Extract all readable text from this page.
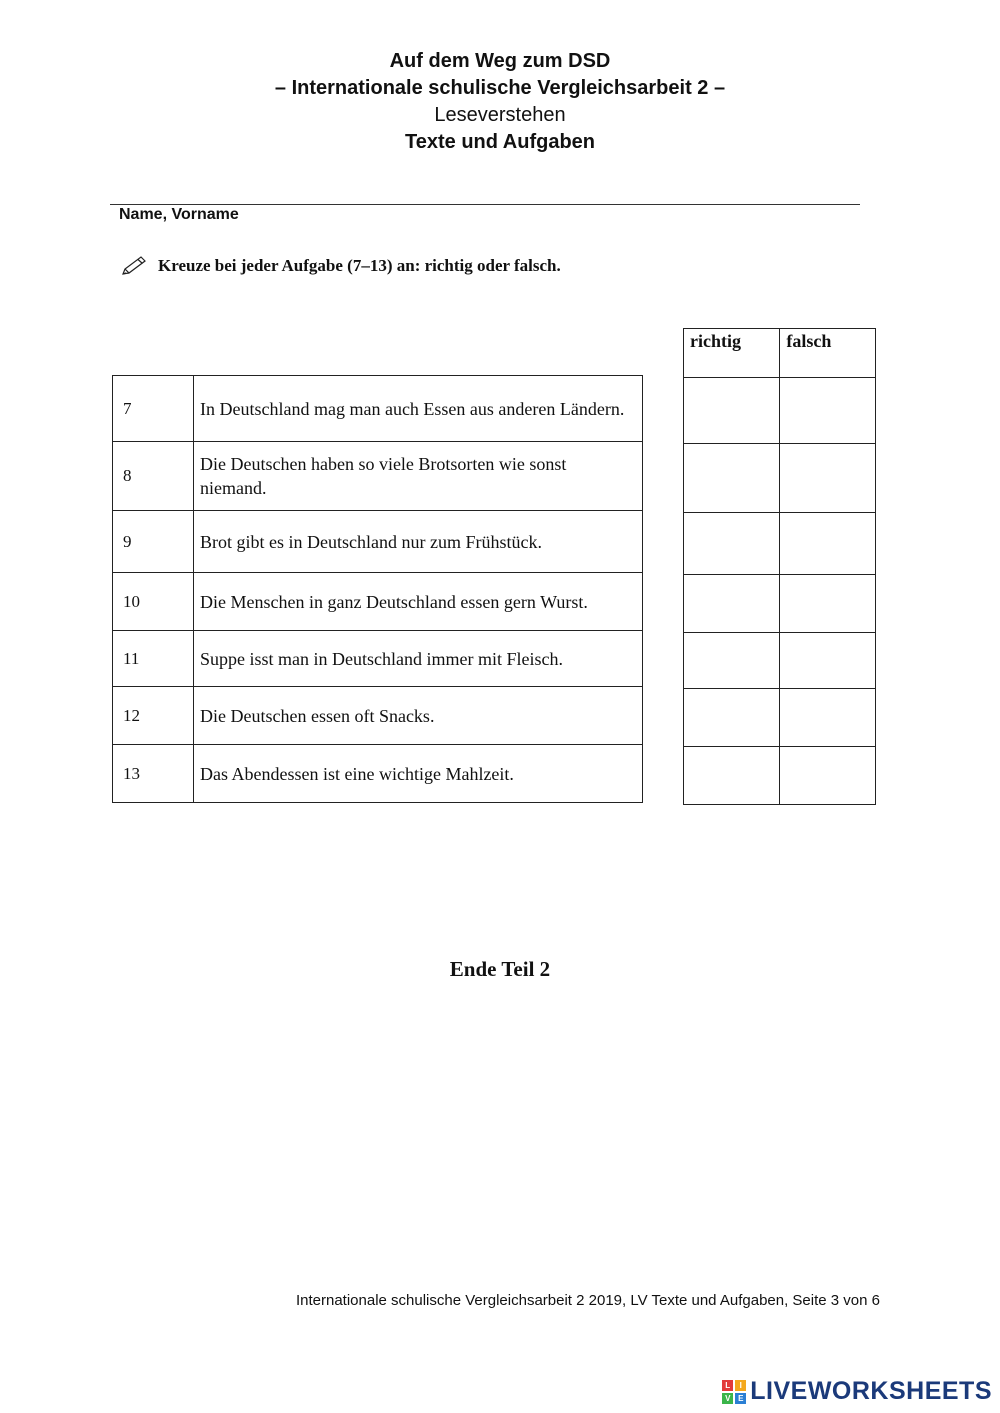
Auf dem Weg zum DSD
– Internationale schulische Vergleichsarbeit 2 –
Leseverstehen
Texte und Aufgaben
Name, Vorname
Kreuze bei jeder Aufgabe (7–13) an: richtig oder falsch.
richtig	falsch

7	In Deutschland mag man auch Essen aus anderen Ländern.
8	Die Deutschen haben so viele Brotsorten wie sonst niemand.
9	Brot gibt es in Deutschland nur zum Frühstück.
10	Die Menschen in ganz Deutschland essen gern Wurst.
11	Suppe isst man in Deutschland immer mit Fleisch.
12	Die Deutschen essen oft Snacks.
13	Das Abendessen ist eine wichtige Mahlzeit.
Ende Teil 2
Internationale schulische Vergleichsarbeit 2 2019, LV Texte und Aufgaben, Seite 3 von 6
L	I
V E LIVEWORKSHEETS
